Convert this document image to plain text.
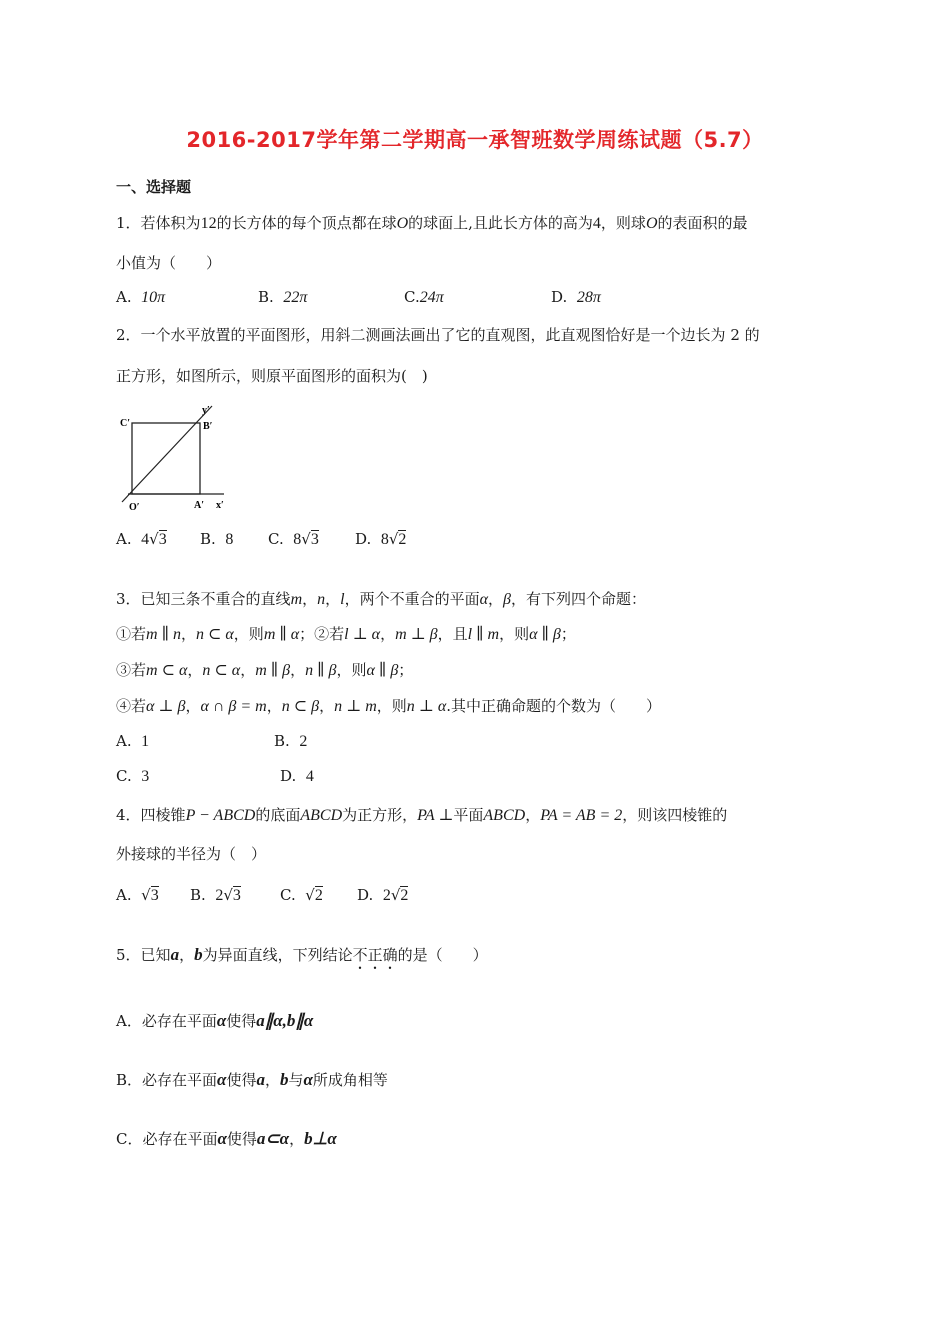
2016-2017学年第二学期高一承智班数学周练试题（5.7）
一、选择题
1．若体积为12的长方体的每个顶点都在球O的球面上,且此长方体的高为4，则球O的表面积的最
小值为（　　）
A. 10π	B. 22π	C.24π	D. 28π
2．一个水平放置的平面图形，用斜二测画法画出了它的直观图，此直观图恰好是一个边长为 2 的
正方形，如图所示，则原平面图形的面积为(　)
C′	B′
y′
O′	A′ x′
A. 4√3 B. 8 C. 8√3 D. 8√2
3．已知三条不重合的直线m，n，l，两个不重合的平面α，β，有下列四个命题：
①若m ∥ n，n ⊂ α，则m ∥ α；②若l ⊥ α，m ⊥ β，且l ∥ m，则α ∥ β；
③若m ⊂ α，n ⊂ α，m ∥ β，n ∥ β，则α ∥ β；
④若α ⊥ β，α ∩ β = m，n ⊂ β，n ⊥ m，则n ⊥ α.其中正确命题的个数为（　　）
A. 1	B. 2
C. 3	D. 4
4．四棱锥P − ABCD的底面ABCD为正方形，PA ⊥平面ABCD，PA = AB = 2，则该四棱锥的
外接球的半径为（　）
A. √3 B. 2√3	C. √2 D. 2√2
5．已知a，b为异面直线，下列结论不正确的是（　　）
A．必存在平面α使得a∥α,b∥α
B．必存在平面α使得a，b与α所成角相等
C．必存在平面α使得a⊂α，b⊥α
